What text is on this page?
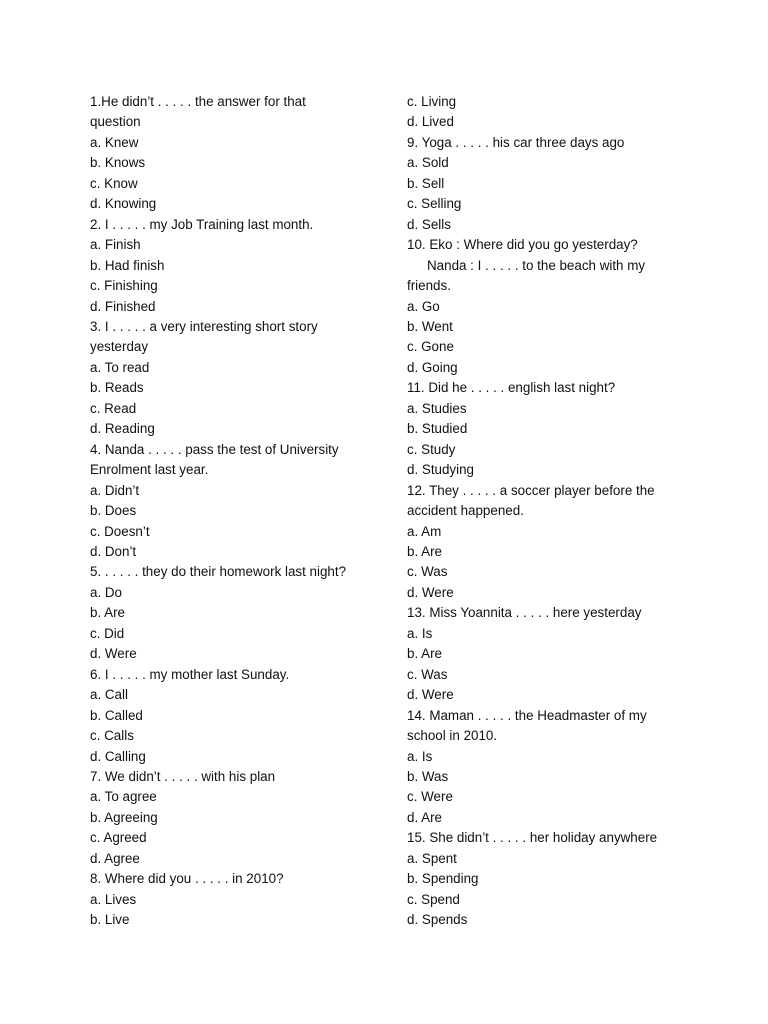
1.He didn’t . . . . . the answer for that
question
a. Knew
b. Knows
c. Know
d. Knowing
2. I . . . . . my Job Training last month.
a. Finish
b. Had finish
c. Finishing
d. Finished
3. I . . . . . a very interesting short story
yesterday
a. To read
b. Reads
c. Read
d. Reading
4. Nanda . . . . . pass the test of University
Enrolment last year.
a. Didn’t
b. Does
c. Doesn’t
d. Don’t
5. . . . . . they do their homework last night?
a. Do
b. Are
c. Did
d. Were
6. I . . . . . my mother last Sunday.
a. Call
b. Called
c. Calls
d. Calling
7. We didn’t . . . . . with his plan
a. To agree
b. Agreeing
c. Agreed
d. Agree
8. Where did you . . . . . in 2010?
a. Lives
b. Live
c. Living
d. Lived
9. Yoga . . . . . his car three days ago
a. Sold
b. Sell
c. Selling
d. Sells
10. Eko : Where did you go yesterday?
Nanda : I . . . . . to the beach with my
friends.
a. Go
b. Went
c. Gone
d. Going
11. Did he . . . . . english last night?
a. Studies
b. Studied
c. Study
d. Studying
12. They . . . . . a soccer player before the
accident happened.
a. Am
b. Are
c. Was
d. Were
13. Miss Yoannita . . . . . here yesterday
a. Is
b. Are
c. Was
d. Were
14. Maman . . . . . the Headmaster of my
school in 2010.
a. Is
b. Was
c. Were
d. Are
15. She didn’t . . . . . her holiday anywhere
a. Spent
b. Spending
c. Spend
d. Spends
